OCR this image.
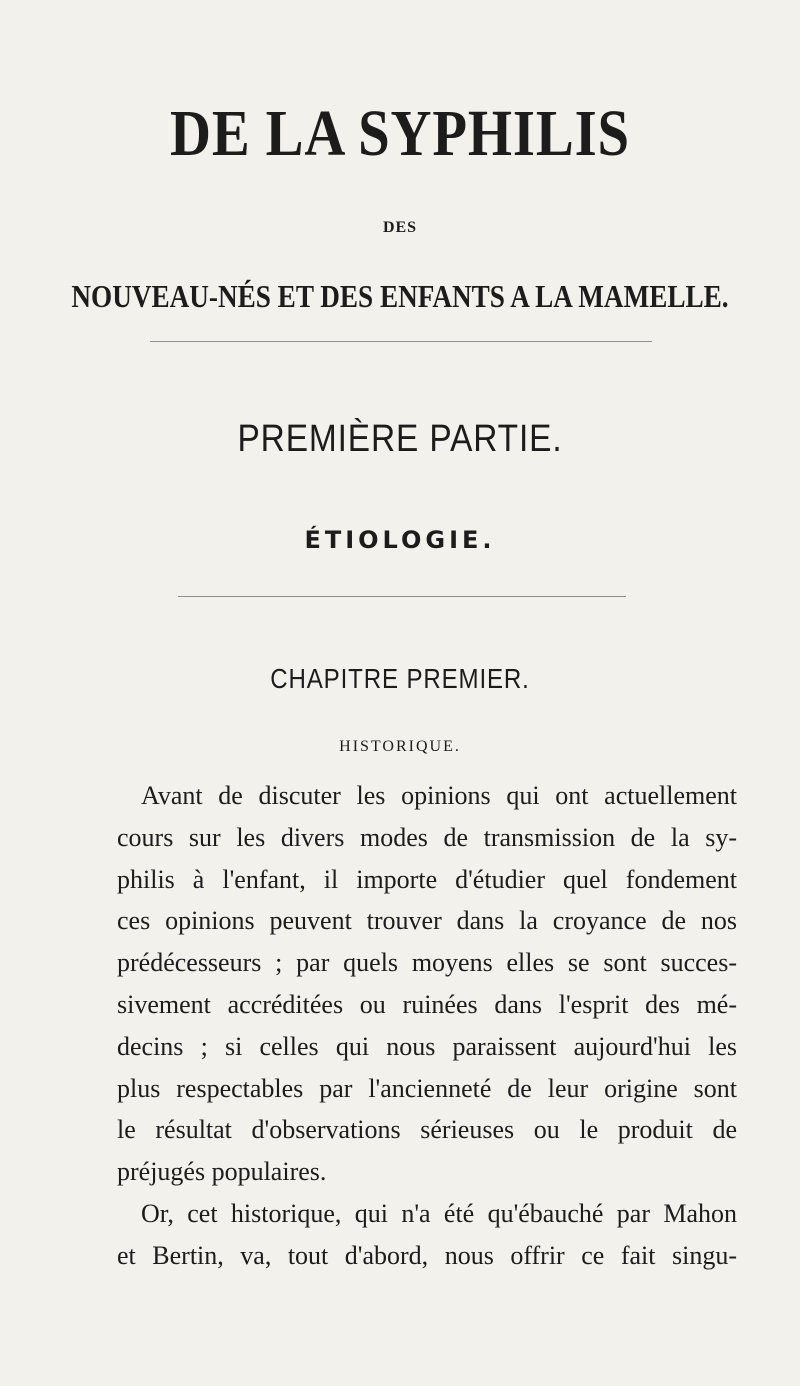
DE LA SYPHILIS
DES
NOUVEAU-NÉS ET DES ENFANTS A LA MAMELLE.
PREMIÈRE PARTIE.
ÉTIOLOGIE.
CHAPITRE PREMIER.
HISTORIQUE.
Avant de discuter les opinions qui ont actuellement
cours sur les divers modes de transmission de la sy-
philis à l'enfant, il importe d'étudier quel fondement
ces opinions peuvent trouver dans la croyance de nos
prédécesseurs ; par quels moyens elles se sont succes-
sivement accréditées ou ruinées dans l'esprit des mé-
decins ; si celles qui nous paraissent aujourd'hui les
plus respectables par l'ancienneté de leur origine sont
le résultat d'observations sérieuses ou le produit de
préjugés populaires.
Or, cet historique, qui n'a été qu'ébauché par Mahon
et Bertin, va, tout d'abord, nous offrir ce fait singu-
